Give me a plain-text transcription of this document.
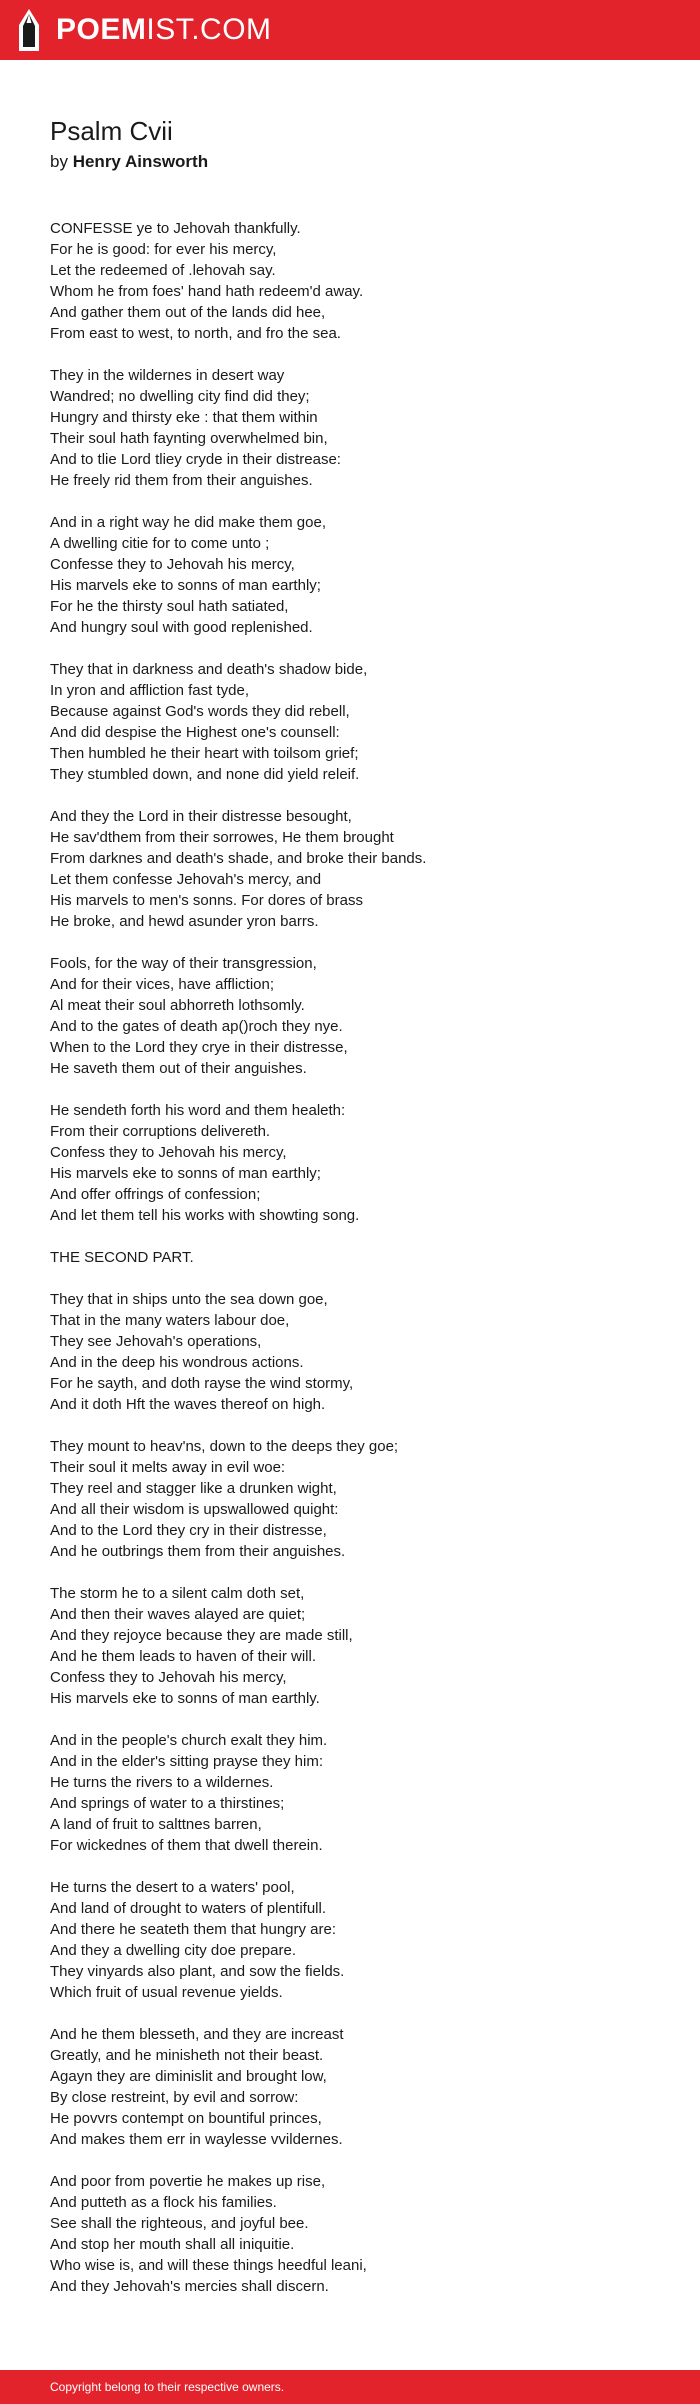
POEMIST.COM
Psalm Cvii
by Henry Ainsworth

CONFESSE ye to Jehovah thankfully.
For he is good: for ever his mercy,
Let the redeemed of .lehovah say.
Whom he from foes' hand hath redeem'd away.
And gather them out of the lands did hee,
From east to west, to north, and fro the sea.

They in the wildernes in desert way
Wandred; no dwelling city find did they;
Hungry and thirsty eke : that them within
Their soul hath faynting overwhelmed bin,
And to tlie Lord tliey cryde in their distrease:
He freely rid them from their anguishes.

And in a right way he did make them goe,
A dwelling citie for to come unto ;
Confesse they to Jehovah his mercy,
His marvels eke to sonns of man earthly;
For he the thirsty soul hath satiated,
And hungry soul with good replenished.

They that in darkness and death's shadow bide,
In yron and affliction fast tyde,
Because against God's words they did rebell,
And did despise the Highest one's counsell:
Then humbled he their heart with toilsom grief;
They stumbled down, and none did yield releif.

And they the Lord in their distresse besought,
He sav'dthem from their sorrowes, He them brought
From darknes and death's shade, and broke their bands.
Let them confesse Jehovah's mercy, and
His marvels to men's sonns. For dores of brass
He broke, and hewd asunder yron barrs.

Fools, for the way of their transgression,
And for their vices, have affliction;
Al meat their soul abhorreth lothsomly.
And to the gates of death ap()roch they nye.
When to the Lord they crye in their distresse,
He saveth them out of their anguishes.

He sendeth forth his word and them healeth:
From their corruptions delivereth.
Confess they to Jehovah his mercy,
His marvels eke to sonns of man earthly;
And offer offrings of confession;
And let them tell his works with showting song.

THE SECOND PART.

They that in ships unto the sea down goe,
That in the many waters labour doe,
They see Jehovah's operations,
And in the deep his wondrous actions.
For he sayth, and doth rayse the wind stormy,
And it doth Hft the waves thereof on high.

They mount to heav'ns, down to the deeps they goe;
Their soul it melts away in evil woe:
They reel and stagger like a drunken wight,
And all their wisdom is upswallowed quight:
And to the Lord they cry in their distresse,
And he outbrings them from their anguishes.

The storm he to a silent calm doth set,
And then their waves alayed are quiet;
And they rejoyce because they are made still,
And he them leads to haven of their will.
Confess they to Jehovah his mercy,
His marvels eke to sonns of man earthly.

And in the people's church exalt they him.
And in the elder's sitting prayse they him:
He turns the rivers to a wildernes.
And springs of water to a thirstines;
A land of fruit to salttnes barren,
For wickednes of them that dwell therein.

He turns the desert to a waters' pool,
And land of drought to waters of plentifull.
And there he seateth them that hungry are:
And they a dwelling city doe prepare.
They vinyards also plant, and sow the fields.
Which fruit of usual revenue yields.

And he them blesseth, and they are increast
Greatly, and he minisheth not their beast.
Agayn they are diminislit and brought low,
By close restreint, by evil and sorrow:
He povvrs contempt on bountiful princes,
And makes them err in waylesse vvildernes.

And poor from povertie he makes up rise,
And putteth as a flock his families.
See shall the righteous, and joyful bee.
And stop her mouth shall all iniquitie.
Who wise is, and will these things heedful leani,
And they Jehovah's mercies shall discern.

Copyright belong to their respective owners.
